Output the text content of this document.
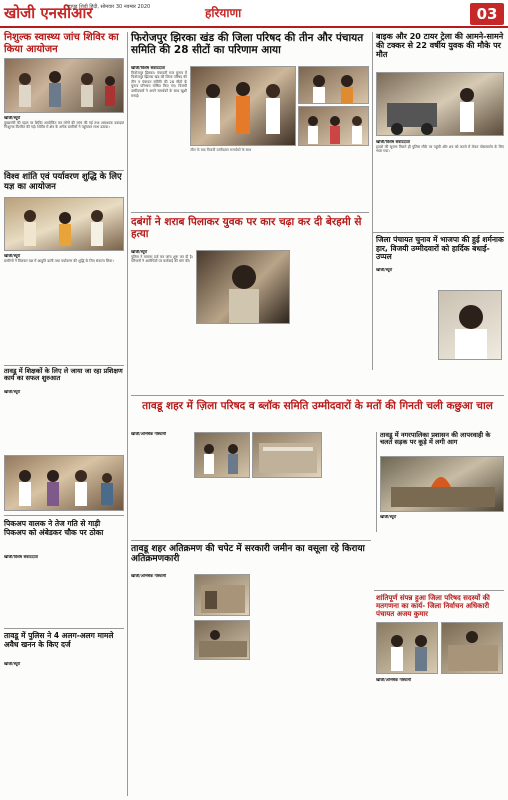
खोजी एनसीआर
हापुड़ शिवी हिंदी, सोमवार 30 नवम्बर 2020	हरियाणा	03
निशुल्क स्वास्थ्य जांच शिविर का किया आयोजन
खोजी/ब्यूरो

मुख्यमंत्री की पहल पर शिविर आयोजित कर लोगों की जांच की गई तथा आवश्यक दवाइयां निःशुल्क वितरित की गईं। शिविर में क्षेत्र के अनेक ग्रामीणों ने पहुंचकर लाभ उठाया।

विश्व शांति एवं पर्यावरण शुद्धि के लिए यज्ञ का आयोजन
खोजी/ब्यूरो

ग्रामीणों ने मिलकर यज्ञ में आहुति डाली तथा पर्यावरण की शुद्धि के लिए संकल्प लिया।

तावडू में शिक्षकों के लिए ले जाया जा रहा प्रशिक्षण कार्य का सफल शुरुआत
खोजी/ब्यूरो
पिकअप वालक ने तेज गति से गाड़ी पिकअप को अंबेडकर चौक पर ठोका
खोजी/विशेष संवाददाता
तावडू में पुलिस ने 4 अलग-अलग मामले अवैध खनन के किए दर्ज
खोजी/ब्यूरो
फिरोजपुर झिरका खंड की जिला परिषद की तीन और पंचायत समिति की 28 सीटों का परिणाम आया
खोजी/विशेष संवाददाता

फिरोजपुर झिरका। पंचायती राज चुनाव में फिरोजपुर झिरका खंड की जिला परिषद की तीन व पंचायत समिति की 28 सीटों के चुनाव परिणाम घोषित किए गए। विजयी उम्मीदवारों ने अपने समर्थकों के साथ खुशी मनाई।

जीत के बाद विजयी उम्मीदवार समर्थकों के साथ
दबंगों ने शराब पिलाकर युवक पर कार चढ़ा कर दी बेरहमी से हत्या
खोजी/ब्यूरो

पुलिस ने मामला दर्ज कर जांच शुरू कर दी है। परिजनों ने आरोपियों पर कार्रवाई की मांग की।

बाइक और 20 टायर ट्रेला की आमने-सामने की टक्कर से 22 वर्षीय युवक की मौके पर मौत
खोजी/विशेष संवाददाता

हादसे की सूचना मिलते ही पुलिस मौके पर पहुंची और शव को कब्जे में लेकर पोस्टमार्टम के लिए भेजा गया।

जिला पंचायत चुनाव में भाजपा की हुई शर्मनाक हार, विजयी उम्मीदवारों को हार्दिक बधाई- उप्पल
खोजी/ब्यूरो
तावडू शहर में ज़िला परिषद व ब्लॉक समिति उम्मीदवारों के मतों की गिनती चली कछुआ चाल
खोजी/अभिषेक गोस्वामी	तावडू में नगरपालिका प्रशासन की लापरवाही के चलते सड़क पर कूड़े में लगी आग
खोजी/ब्यूरो
तावडू शहर अतिक्रमण की चपेट में सरकारी जमीन का वसूला रहे किराया अतिक्रमणकारी
खोजी/अभिषेक गोस्वामी
शांतिपूर्ण संपन्न हुआ जिला परिषद सदस्यों की मतगणना का कार्य- जिला निर्वाचन अधिकारी पंचायत अजय कुमार
खोजी/अभिषेक गोस्वामी
